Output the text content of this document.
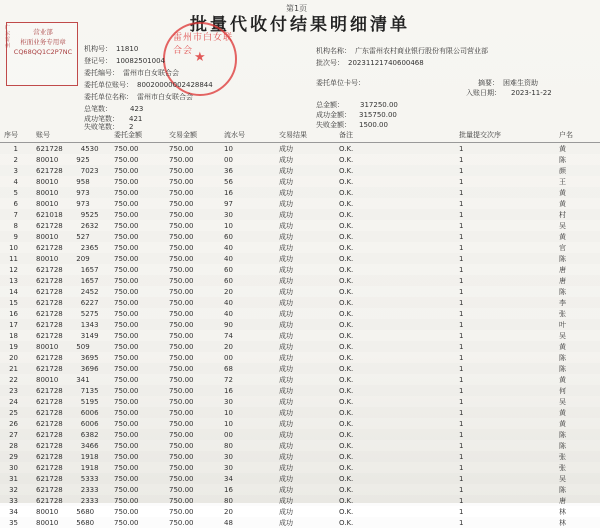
第1页
批量代收付结果明细清单
广东雷州
营业部
柜面业务专用章
CQ68QQ1C2P7NC
雷州市白女联合会 ★
机构号： 11810
登记号： 10082501004
委托编号： 雷州市白女联合会
委托单位账号： 80020000002428844
委托单位名称： 雷州市白女联合会
总笔数：	423
成功笔数： 421
失败笔数： 2
机构名称： 广东雷州农村商业银行股份有限公司营业部
批次号： 20231121740600468
委托单位卡号：
总金额： 317250.00
成功金额： 315750.00
失败金额： 1500.00
摘要： 困难生资助
入账日期： 2023-11-22
序号	账号	委托金额	交易金额	流水号	交易结果	备注	批量提交次序	户名
1	621728 4530	750.00	750.00	10	成功	O.K.	1	黄
2	80010 925	750.00	750.00	00	成功	O.K.	1	陈
3	621728 7023	750.00	750.00	36	成功	O.K.	1	颜
4	80010 958	750.00	750.00	56	成功	O.K.	1	王
5	80010 973	750.00	750.00	16	成功	O.K.	1	黄
6	80010 973	750.00	750.00	97	成功	O.K.	1	黄
7	621018 9525	750.00	750.00	30	成功	O.K.	1	村
8	621728 2632	750.00	750.00	10	成功	O.K.	1	吴
9	80010 527	750.00	750.00	60	成功	O.K.	1	黄
10	621728 2365	750.00	750.00	40	成功	O.K.	1	官
11	80010 209	750.00	750.00	40	成功	O.K.	1	陈
12	621728 1657	750.00	750.00	60	成功	O.K.	1	唐
13	621728 1657	750.00	750.00	60	成功	O.K.	1	唐
14	621728 2452	750.00	750.00	20	成功	O.K.	1	陈
15	621728 6227	750.00	750.00	40	成功	O.K.	1	李
16	621728 5275	750.00	750.00	40	成功	O.K.	1	张
17	621728 1343	750.00	750.00	90	成功	O.K.	1	叶
18	621728 3149	750.00	750.00	74	成功	O.K.	1	吴
19	80010 509	750.00	750.00	20	成功	O.K.	1	黄
20	621728 3695	750.00	750.00	00	成功	O.K.	1	陈
21	621728 3696	750.00	750.00	68	成功	O.K.	1	陈
22	80010 341	750.00	750.00	72	成功	O.K.	1	黄
23	621728 7135	750.00	750.00	16	成功	O.K.	1	何
24	621728 5195	750.00	750.00	30	成功	O.K.	1	吴
25	621728 6006	750.00	750.00	10	成功	O.K.	1	黄
26	621728 6006	750.00	750.00	10	成功	O.K.	1	黄
27	621728 6382	750.00	750.00	00	成功	O.K.	1	陈
28	621728 3466	750.00	750.00	80	成功	O.K.	1	陈
29	621728 1918	750.00	750.00	30	成功	O.K.	1	张
30	621728 1918	750.00	750.00	30	成功	O.K.	1	张
31	621728 5333	750.00	750.00	34	成功	O.K.	1	吴
32	621728 2333	750.00	750.00	16	成功	O.K.	1	陈
33	621728 2333	750.00	750.00	80	成功	O.K.	1	唐
34	80010 5680	750.00	750.00	20	成功	O.K.	1	林
35	80010 5680	750.00	750.00	48	成功	O.K.	1	林
